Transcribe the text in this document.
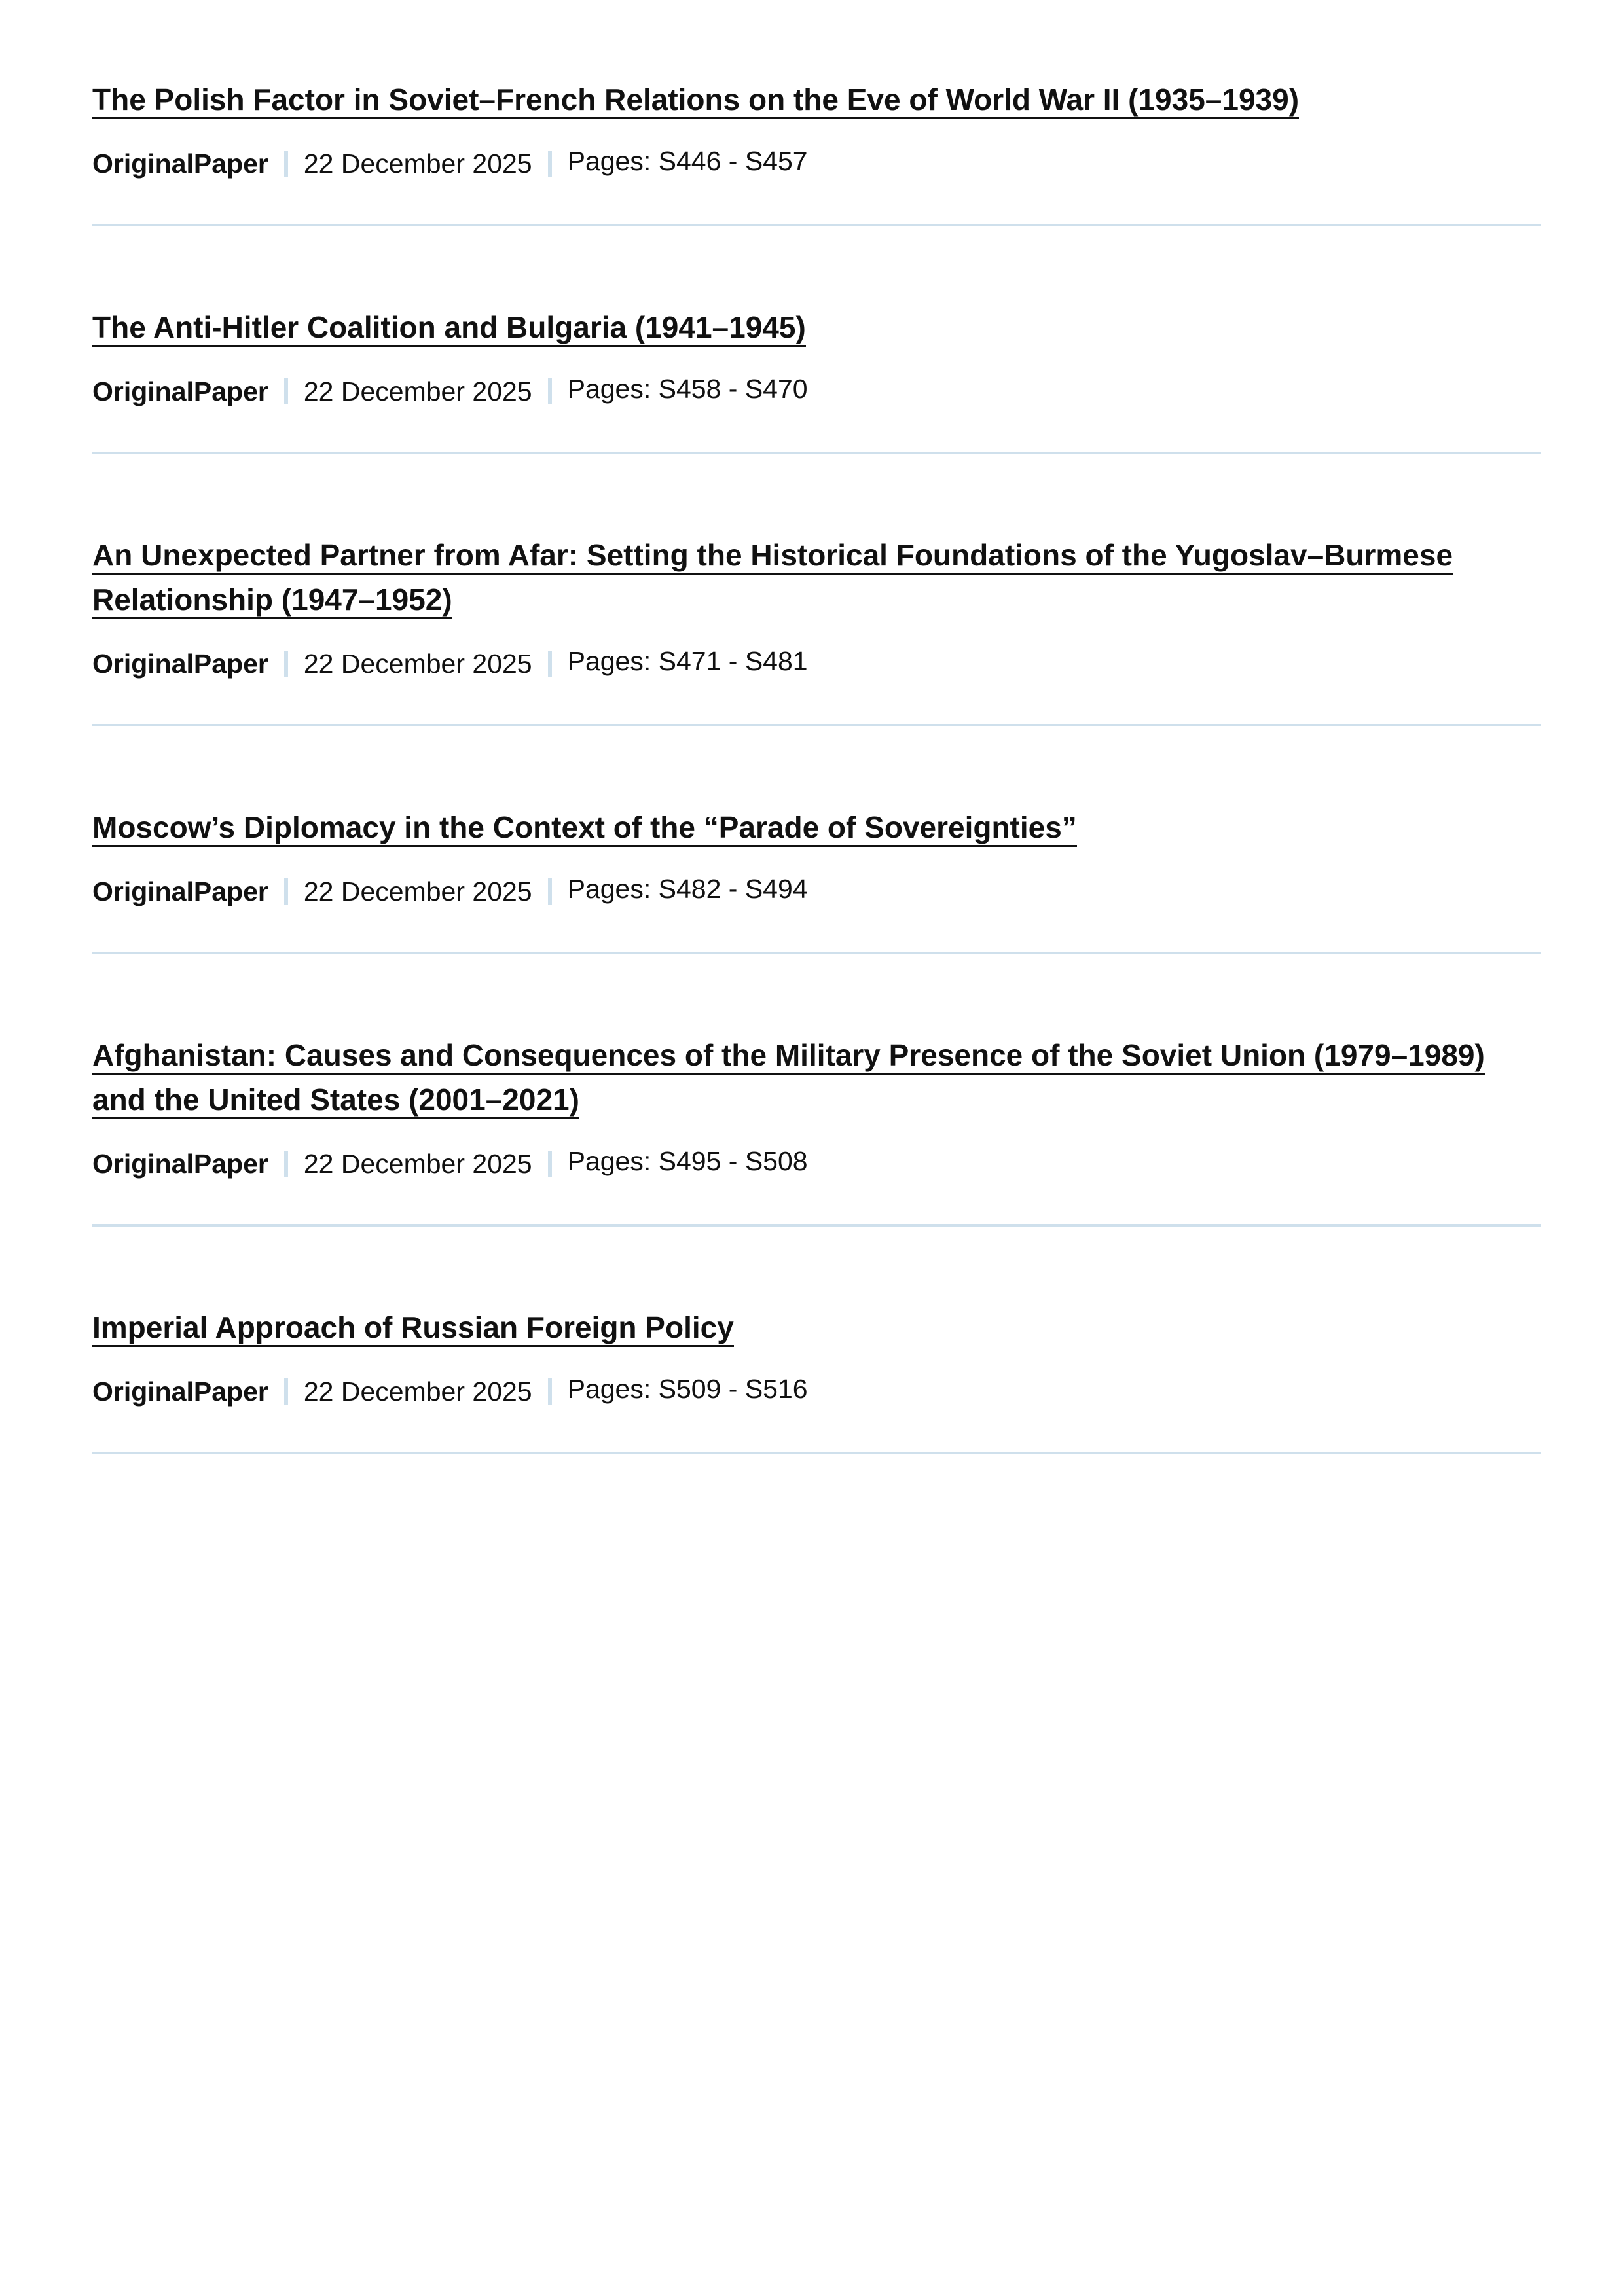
The Polish Factor in Soviet–French Relations on the Eve of World War II (1935–1939)
OriginalPaper 22 December 2025 Pages: S446 - S457
The Anti-Hitler Coalition and Bulgaria (1941–1945)
OriginalPaper 22 December 2025 Pages: S458 - S470
An Unexpected Partner from Afar: Setting the Historical Foundations of the Yugoslav–Burmese Relationship (1947–1952)
OriginalPaper 22 December 2025 Pages: S471 - S481
Moscow’s Diplomacy in the Context of the “Parade of Sovereignties”
OriginalPaper 22 December 2025 Pages: S482 - S494
Afghanistan: Causes and Consequences of the Military Presence of the Soviet Union (1979–1989) and the United States (2001–2021)
OriginalPaper 22 December 2025 Pages: S495 - S508
Imperial Approach of Russian Foreign Policy
OriginalPaper 22 December 2025 Pages: S509 - S516
